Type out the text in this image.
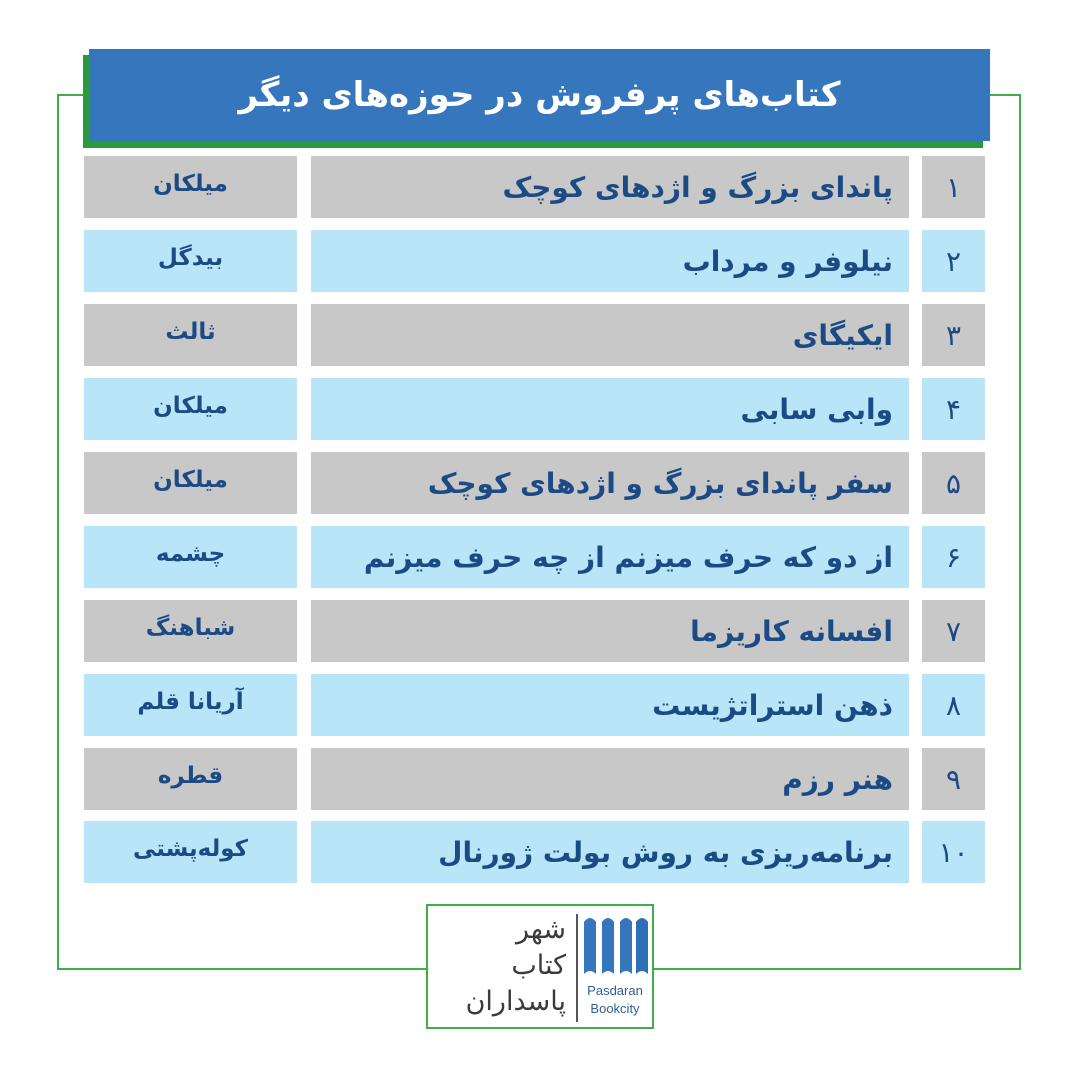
کتاب‌های پرفروش در حوزه‌های دیگر
۱
پاندای بزرگ و اژدهای کوچک
میلکان
۲
نیلوفر و مرداب
بیدگل
۳
ایکیگای
ثالث
۴
وابی سابی
میلکان
۵
سفر پاندای بزرگ و اژدهای کوچک
میلکان
۶
از دو که حرف میزنم از چه حرف میزنم
چشمه
۷
افسانه کاریزما
شباهنگ
۸
ذهن استراتژیست
آریانا قلم
۹
هنر رزم
قطره
۱۰
برنامه‌ریزی به روش بولت ژورنال
کوله‌پشتی
شهر
کتاب
پاسداران	Pasdaran
Bookcity
